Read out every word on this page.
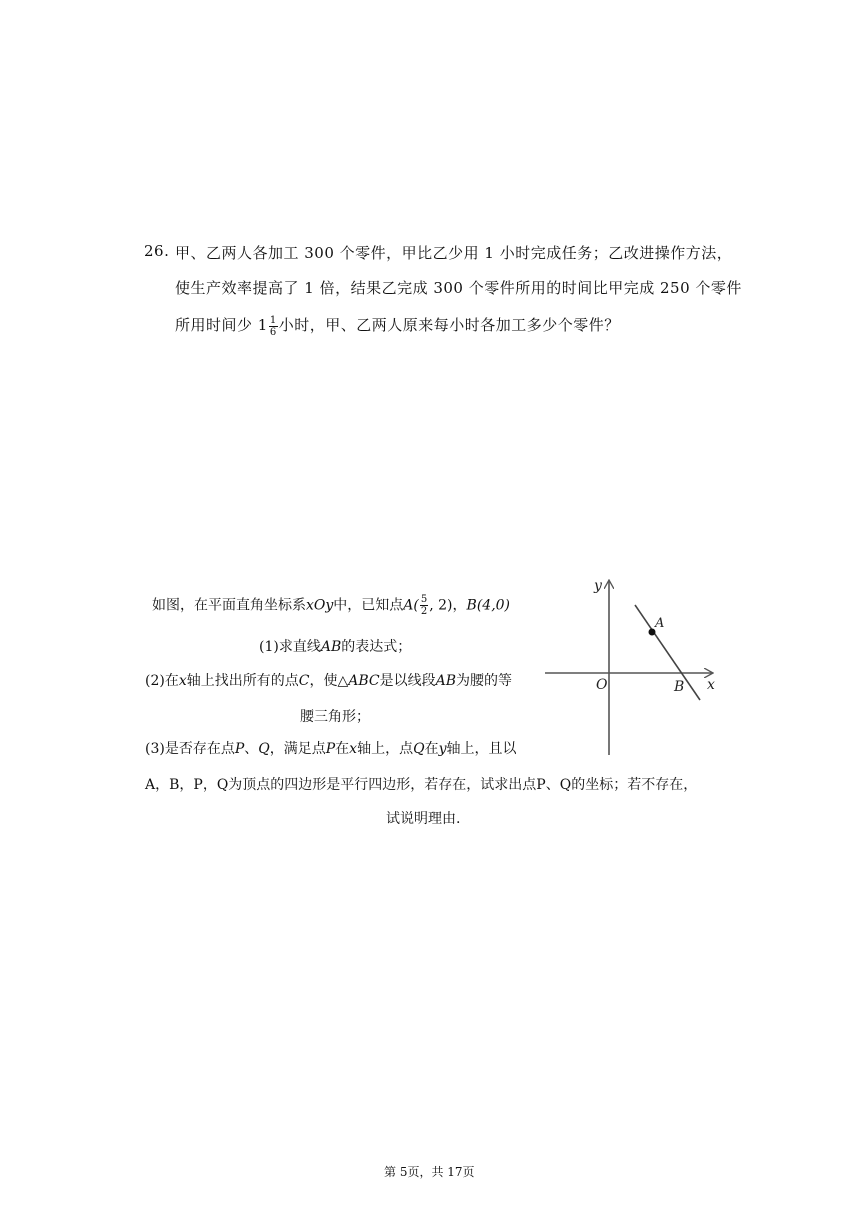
26. 甲、乙两人各加工 300 个零件，甲比乙少用 1 小时完成任务；乙改进操作方法，
使生产效率提高了 1 倍，结果乙完成 300 个零件所用的时间比甲完成 250 个零件
所用时间少 $1 \frac{1}{6}$ 小时，甲、乙两人原来每小时各加工多少个零件？
如图，在平面直角坐标系xOy中，已知点$A( \frac{5}{2}$ , 2)，B(4,0)
(1)求直线AB的表达式；
(2)在x轴上找出所有的点C，使△ABC是以线段AB为腰的等
腰三角形；
(3)是否存在点P、Q，满足点P在x轴上，点Q在y轴上，且以
A，B，P，Q为顶点的四边形是平行四边形，若存在，试求出点P、Q的坐标；若不存在，
试说明理由.
y
x
O
A
B
第 5页，共 17页
